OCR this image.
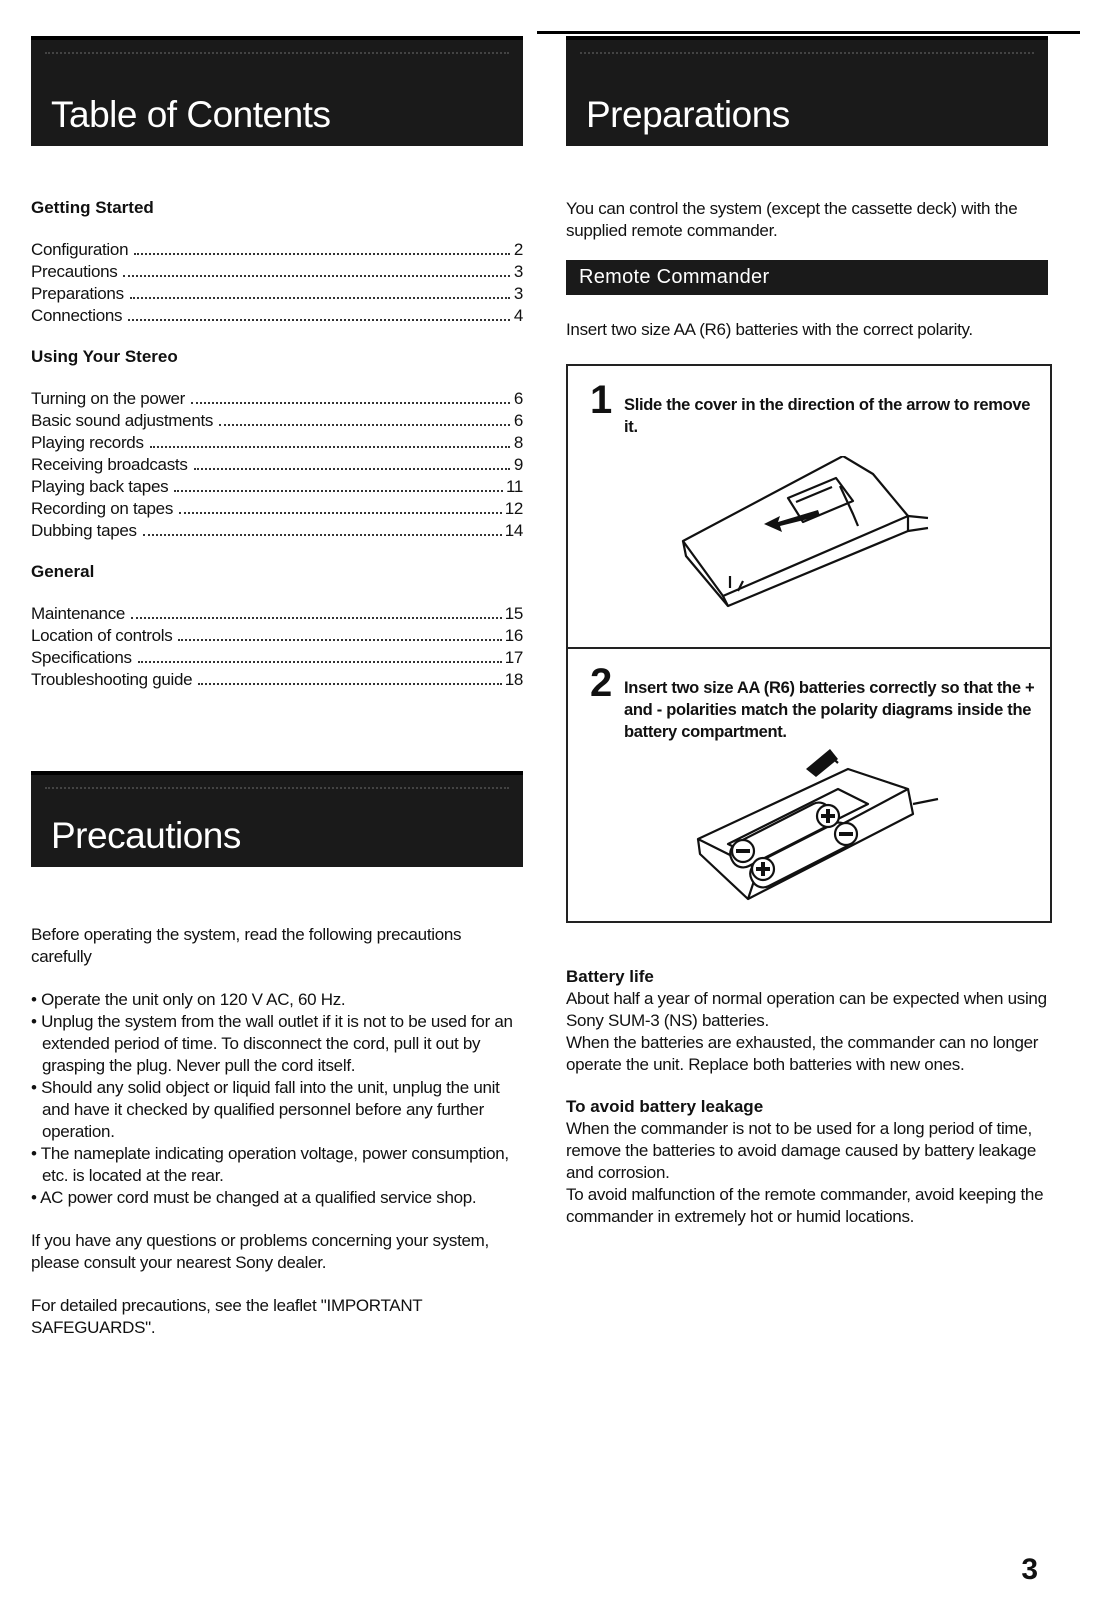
Table of Contents
Getting Started
Configuration	2
Precautions	3
Preparations	3
Connections	4
Using Your Stereo
Turning on the power	6
Basic sound adjustments	6
Playing records	8
Receiving broadcasts	9
Playing back tapes	11
Recording on tapes	12
Dubbing tapes	14
General
Maintenance	15
Location of controls	16
Specifications	17
Troubleshooting guide	18
Precautions

Before operating the system, read the following precautions carefully

• Operate the unit only on 120 V AC, 60 Hz.
• Unplug the system from the wall outlet if it is not to be used for an extended period of time. To disconnect the cord, pull it out by grasping the plug. Never pull the cord itself.
• Should any solid object or liquid fall into the unit, unplug the unit and have it checked by qualified personnel before any further operation.
• The nameplate indicating operation voltage, power consumption, etc. is located at the rear.
• AC power cord must be changed at a qualified service shop.

If you have any questions or problems concerning your system, please consult your nearest Sony dealer.

For detailed precautions, see the leaflet "IMPORTANT SAFEGUARDS".

Preparations

You can control the system (except the cassette deck) with the supplied remote commander.

Remote Commander

Insert two size AA (R6) batteries with the correct polarity.

1 Slide the cover in the direction of the arrow to remove it.
2 Insert two size AA (R6) batteries correctly so that the + and - polarities match the polarity diagrams inside the battery compartment.
Battery life

About half a year of normal operation can be expected when using Sony SUM-3 (NS) batteries.

When the batteries are exhausted, the commander can no longer operate the unit. Replace both batteries with new ones.

To avoid battery leakage

When the commander is not to be used for a long period of time, remove the batteries to avoid damage caused by battery leakage and corrosion.

To avoid malfunction of the remote commander, avoid keeping the commander in extremely hot or humid locations.

3
